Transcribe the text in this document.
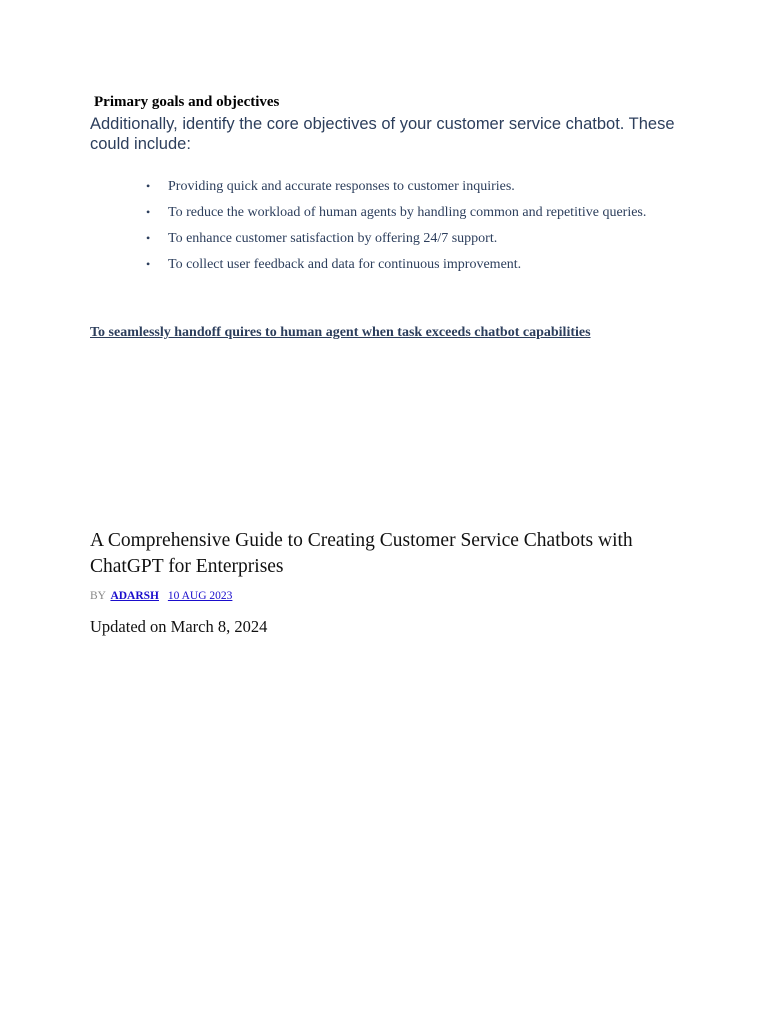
Primary goals and objectives

Additionally, identify the core objectives of your customer service chatbot. These could include:

• Providing quick and accurate responses to customer inquiries.
• To reduce the workload of human agents by handling common and repetitive queries.
• To enhance customer satisfaction by offering 24/7 support.
• To collect user feedback and data for continuous improvement.

To seamlessly handoff quires to human agent when task exceeds chatbot capabilities

A Comprehensive Guide to Creating Customer Service Chatbots with ChatGPT for Enterprises

BY ADARSH 10 AUG 2023

Updated on March 8, 2024
